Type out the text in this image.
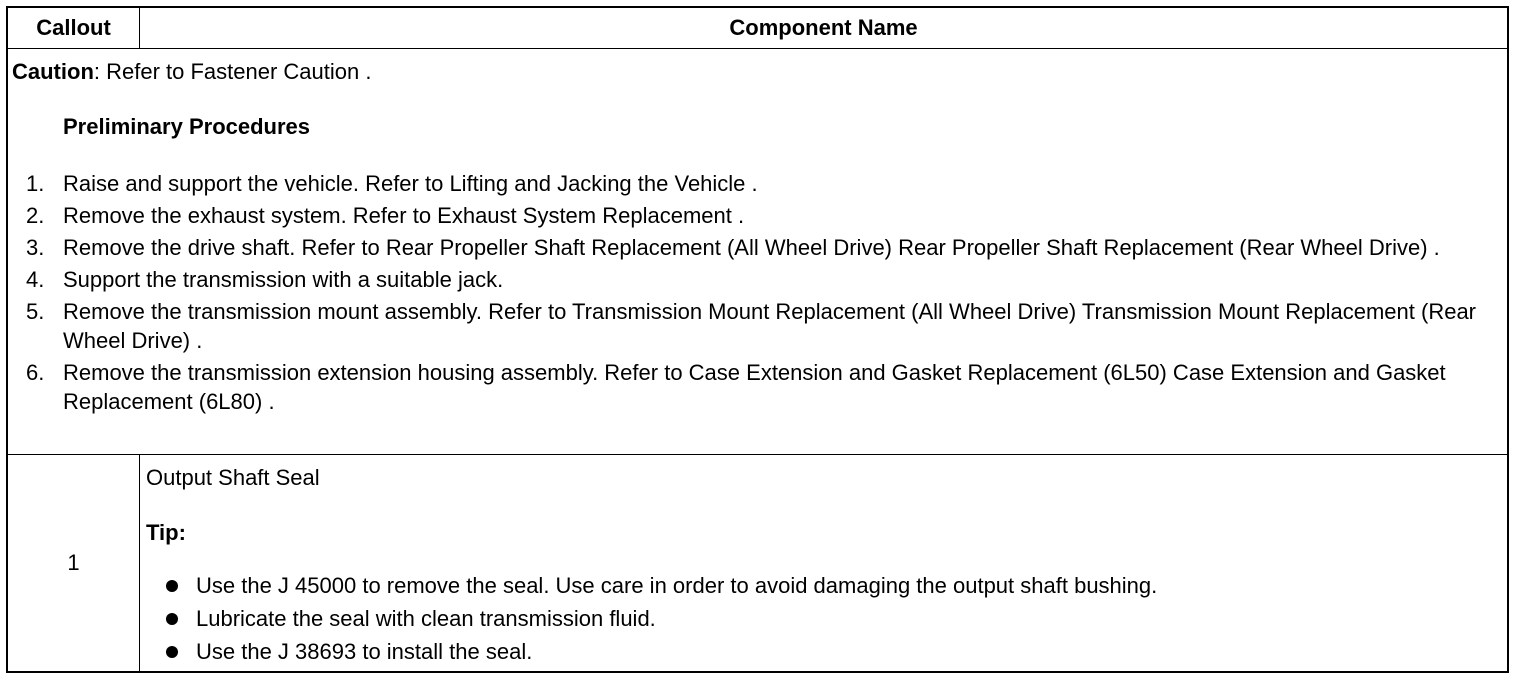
Callout	Component Name
Caution: Refer to Fastener Caution .
Preliminary Procedures
1. Raise and support the vehicle. Refer to Lifting and Jacking the Vehicle .
2. Remove the exhaust system. Refer to Exhaust System Replacement .
3. Remove the drive shaft. Refer to Rear Propeller Shaft Replacement (All Wheel Drive) Rear Propeller Shaft Replacement (Rear Wheel Drive) .
4. Support the transmission with a suitable jack.
5. Remove the transmission mount assembly. Refer to Transmission Mount Replacement (All Wheel Drive) Transmission Mount Replacement (Rear Wheel Drive) .
6. Remove the transmission extension housing assembly. Refer to Case Extension and Gasket Replacement (6L50) Case Extension and Gasket Replacement (6L80) .
1
Output Shaft Seal
Tip:
Use the J 45000 to remove the seal. Use care in order to avoid damaging the output shaft bushing.
Lubricate the seal with clean transmission fluid.
Use the J 38693 to install the seal.
